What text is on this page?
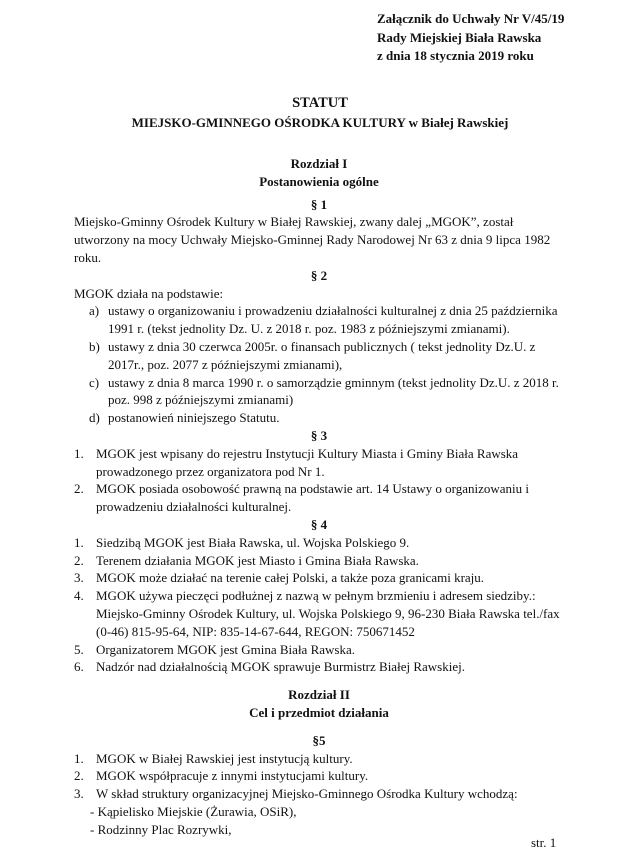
Załącznik do Uchwały Nr V/45/19
Rady Miejskiej Biała Rawska
z dnia 18 stycznia 2019 roku
STATUT
MIEJSKO-GMINNEGO OŚRODKA KULTURY w Białej Rawskiej
Rozdział I
Postanowienia ogólne
§ 1

Miejsko-Gminny Ośrodek Kultury w Białej Rawskiej, zwany dalej „MGOK”, został utworzony na mocy Uchwały Miejsko-Gminnej Rady Narodowej Nr 63 z dnia 9 lipca 1982 roku.

§ 2

MGOK działa na podstawie:

a) ustawy o organizowaniu i prowadzeniu działalności kulturalnej z dnia 25 października 1991 r. (tekst jednolity Dz. U. z 2018 r. poz. 1983 z późniejszymi zmianami).
b) ustawy z dnia 30 czerwca 2005r. o finansach publicznych ( tekst jednolity Dz.U. z 2017r., poz. 2077 z późniejszymi zmianami),
c) ustawy z dnia 8 marca 1990 r. o samorządzie gminnym (tekst jednolity Dz.U. z 2018 r. poz. 998 z późniejszymi zmianami)
d) postanowień niniejszego Statutu.
§ 3
1. MGOK jest wpisany do rejestru Instytucji Kultury Miasta i Gminy Biała Rawska prowadzonego przez organizatora pod Nr 1.
2. MGOK posiada osobowość prawną na podstawie art. 14 Ustawy o organizowaniu i prowadzeniu działalności kulturalnej.
§ 4
1. Siedzibą MGOK jest Biała Rawska, ul. Wojska Polskiego 9.
2. Terenem działania MGOK jest Miasto i Gmina Biała Rawska.
3. MGOK może działać na terenie całej Polski, a także poza granicami kraju.
4. MGOK używa pieczęci podłużnej z nazwą w pełnym brzmieniu i adresem siedziby.: Miejsko-Gminny Ośrodek Kultury, ul. Wojska Polskiego 9, 96-230 Biała Rawska tel./fax (0-46) 815-95-64, NIP: 835-14-67-644, REGON: 750671452
5. Organizatorem MGOK jest Gmina Biała Rawska.
6. Nadzór nad działalnością MGOK sprawuje Burmistrz Białej Rawskiej.
Rozdział II
Cel i przedmiot działania
§5
1. MGOK w Białej Rawskiej jest instytucją kultury.
2. MGOK współpracuje z innymi instytucjami kultury.
3. W skład struktury organizacyjnej Miejsko-Gminnego Ośrodka Kultury wchodzą:
- Kąpielisko Miejskie (Żurawia, OSiR),
- Rodzinny Plac Rozrywki,
str. 1
